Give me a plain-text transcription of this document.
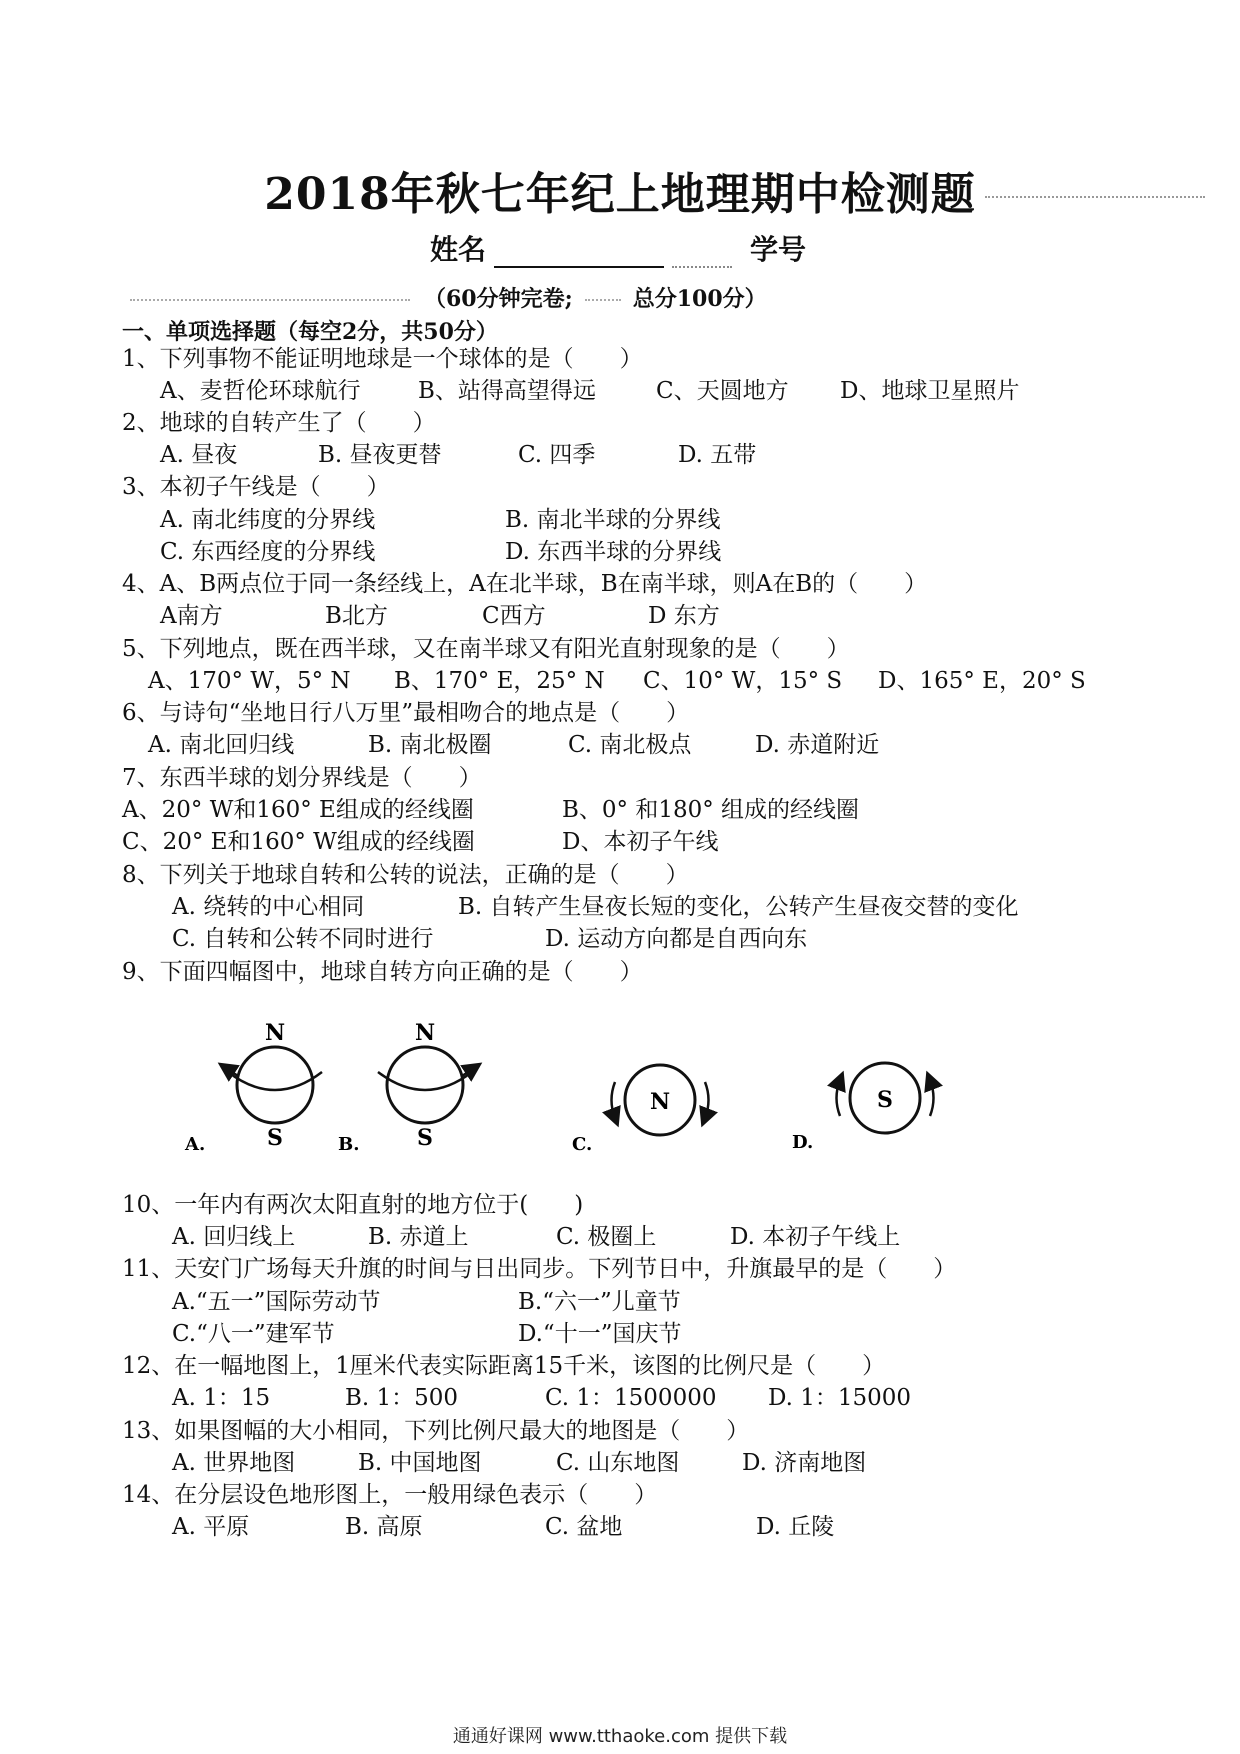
2018年秋七年纪上地理期中检测题
姓名	学号
（60分钟完卷;	总分100分）
一、单项选择题（每空2分，共50分）
1、下列事物不能证明地球是一个球体的是（　　）
A、麦哲伦环球航行 B、站得高望得远	C、天圆地方 D、地球卫星照片
2、地球的自转产生了（　　）
A. 昼夜	B. 昼夜更替	C. 四季	D. 五带
3、本初子午线是（　　）
A. 南北纬度的分界线	B. 南北半球的分界线
C. 东西经度的分界线	D. 东西半球的分界线
4、A、B两点位于同一条经线上，A在北半球，B在南半球，则A在B的（　　）
A南方	B北方	C西方	D 东方
5、下列地点，既在西半球，又在南半球又有阳光直射现象的是（　　）
A、170° W，5° N B、170° E，25° N C、10° W，15° S D、165° E，20° S
6、与诗句“坐地日行八万里”最相吻合的地点是（　　）
A. 南北回归线	B. 南北极圈	C. 南北极点	D. 赤道附近
7、东西半球的划分界线是（　　）
A、20° W和160° E组成的经线圈	B、0° 和180° 组成的经线圈
C、20° E和160° W组成的经线圈	D、本初子午线
8、下列关于地球自转和公转的说法，正确的是（　　）
A. 绕转的中心相同	B. 自转产生昼夜长短的变化，公转产生昼夜交替的变化
C. 自转和公转不同时进行	D. 运动方向都是自西向东
9、下面四幅图中，地球自转方向正确的是（　　）
N
S
A.
N
S
B.
N
C.
S
D.
10、一年内有两次太阳直射的地方位于(　　)
A. 回归线上	B. 赤道上	C. 极圈上	D. 本初子午线上
11、天安门广场每天升旗的时间与日出同步。下列节日中，升旗最早的是（　　）
A.“五一”国际劳动节	B.“六一”儿童节
C.“八一”建军节	D.“十一”国庆节
12、在一幅地图上，1厘米代表实际距离15千米，该图的比例尺是（　　）
A. 1：15	B. 1：500	C. 1：1500000 D. 1：15000
13、如果图幅的大小相同，下列比例尺最大的地图是（　　）
A. 世界地图	B. 中国地图	C. 山东地图	D. 济南地图
14、在分层设色地形图上，一般用绿色表示（　　）
A. 平原	B. 高原	C. 盆地	D. 丘陵
通通好课网 www.tthaoke.com 提供下载
